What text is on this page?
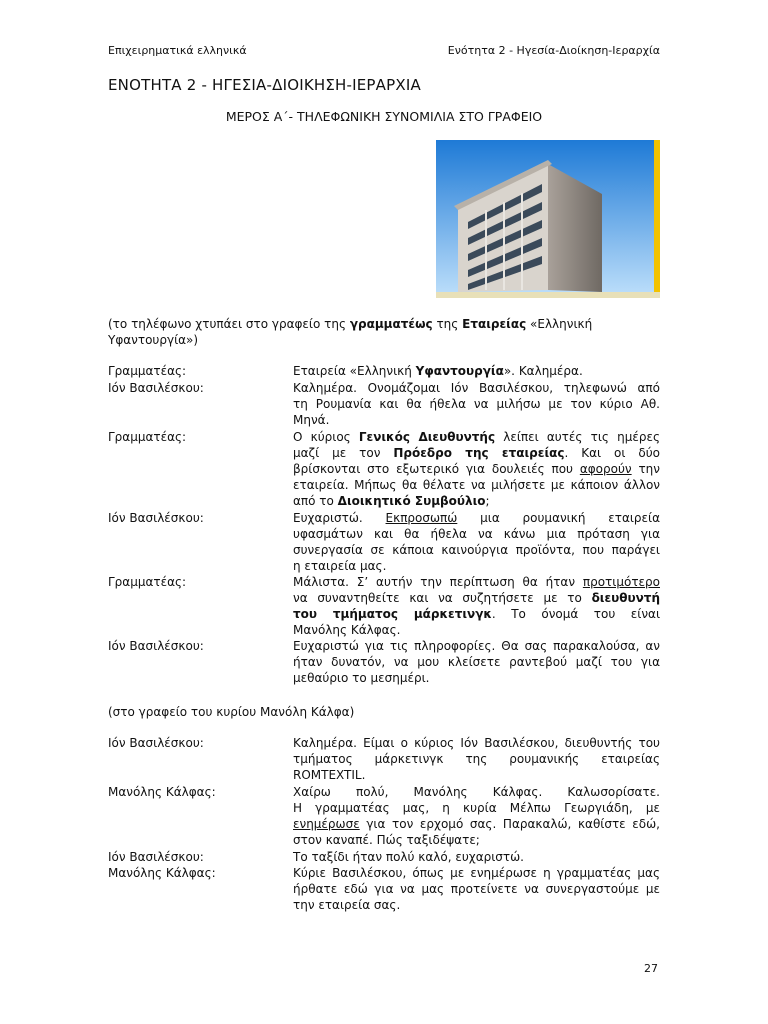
Επιχειρηματικά ελληνικά	Ενότητα 2 - Ηγεσία-Διοίκηση-Ιεραρχία
ΕΝΟΤΗΤΑ 2 - ΗΓΕΣΙΑ-ΔΙΟΙΚΗΣΗ-ΙΕΡΑΡΧΙΑ
ΜΕΡΟΣ Α΄- ΤΗΛΕΦΩΝΙΚΗ ΣΥΝΟΜΙΛΙΑ ΣΤΟ ΓΡΑΦΕΙΟ
(το τηλέφωνο χτυπάει στο γραφείο της γραμματέως της Εταιρείας «Ελληνική
Υφαντουργία»)
Γραμματέας:	Εταιρεία «Ελληνική Υφαντουργία». Καλημέρα.
Ιόν Βασιλέσκου:	Καλημέρα. Ονομάζομαι Ιόν Βασιλέσκου, τηλεφωνώ από
τη Ρουμανία και θα ήθελα να μιλήσω με τον κύριο Αθ.
Μηνά.
Γραμματέας:	Ο κύριος Γενικός Διευθυντής λείπει αυτές τις ημέρες
μαζί με τον Πρόεδρο της εταιρείας. Και οι δύο
βρίσκονται στο εξωτερικό για δουλειές που αφορούν την
εταιρεία. Μήπως θα θέλατε να μιλήσετε με κάποιον άλλον
από το Διοικητικό Συμβούλιο;
Ιόν Βασιλέσκου:	Ευχαριστώ. Εκπροσωπώ μια ρουμανική εταιρεία
υφασμάτων και θα ήθελα να κάνω μια πρόταση για
συνεργασία σε κάποια καινούργια προϊόντα, που παράγει
η εταιρεία μας.
Γραμματέας:	Μάλιστα. Σ’ αυτήν την περίπτωση θα ήταν προτιμότερο
να συναντηθείτε και να συζητήσετε με το διευθυντή
του τμήματος μάρκετινγκ. Το όνομά του είναι
Μανόλης Κάλφας.
Ιόν Βασιλέσκου:	Ευχαριστώ για τις πληροφορίες. Θα σας παρακαλούσα, αν
ήταν δυνατόν, να μου κλείσετε ραντεβού μαζί του για
μεθαύριο το μεσημέρι.
(στο γραφείο του κυρίου Μανόλη Κάλφα)
Ιόν Βασιλέσκου:	Καλημέρα. Είμαι ο κύριος Ιόν Βασιλέσκου, διευθυντής του
τμήματος μάρκετινγκ της ρουμανικής εταιρείας
ROMTEXTIL.
Μανόλης Κάλφας:	Χαίρω πολύ, Μανόλης Κάλφας. Καλωσορίσατε.
Η γραμματέας μας, η κυρία Μέλπω Γεωργιάδη, με
ενημέρωσε για τον ερχομό σας. Παρακαλώ, καθίστε εδώ,
στον καναπέ. Πώς ταξιδέψατε;
Ιόν Βασιλέσκου:	Το ταξίδι ήταν πολύ καλό, ευχαριστώ.
Μανόλης Κάλφας:	Κύριε Βασιλέσκου, όπως με ενημέρωσε η γραμματέας μας
ήρθατε εδώ για να μας προτείνετε να συνεργαστούμε με
την εταιρεία σας.
27
